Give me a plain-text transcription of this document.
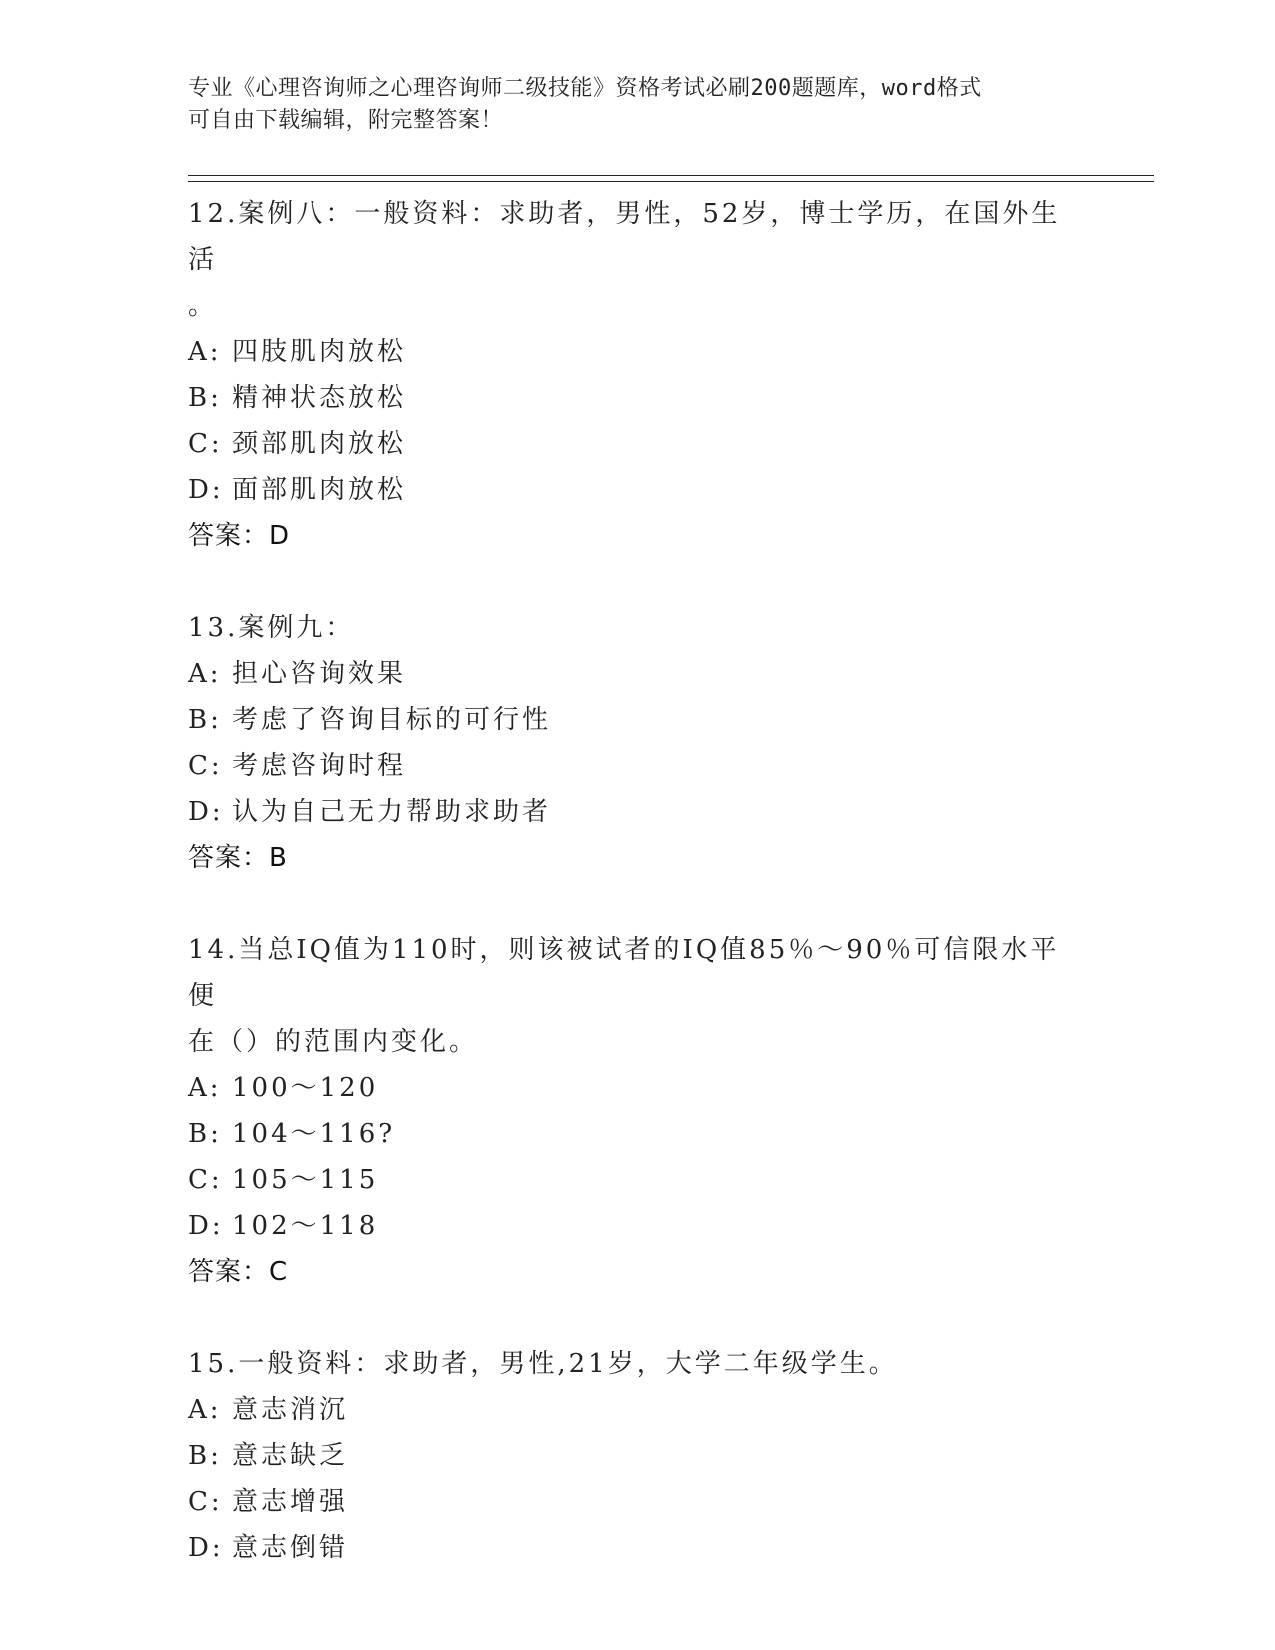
专业《心理咨询师之心理咨询师二级技能》资格考试必刷200题题库，word格式
可自由下载编辑，附完整答案！
12.案例八：一般资料：求助者，男性，52岁，博士学历，在国外生活
。
A: 四肢肌肉放松
B: 精神状态放松
C: 颈部肌肉放松
D: 面部肌肉放松
答案：D
13.案例九：
A: 担心咨询效果
B: 考虑了咨询目标的可行性
C: 考虑咨询时程
D: 认为自己无力帮助求助者
答案：B
14.当总IQ值为110时，则该被试者的IQ值85％～90％可信限水平便
在（）的范围内变化。
A: 100～120
B: 104～116?
C: 105～115
D: 102～118
答案：C
15.一般资料：求助者，男性,21岁，大学二年级学生。
A: 意志消沉
B: 意志缺乏
C: 意志增强
D: 意志倒错
